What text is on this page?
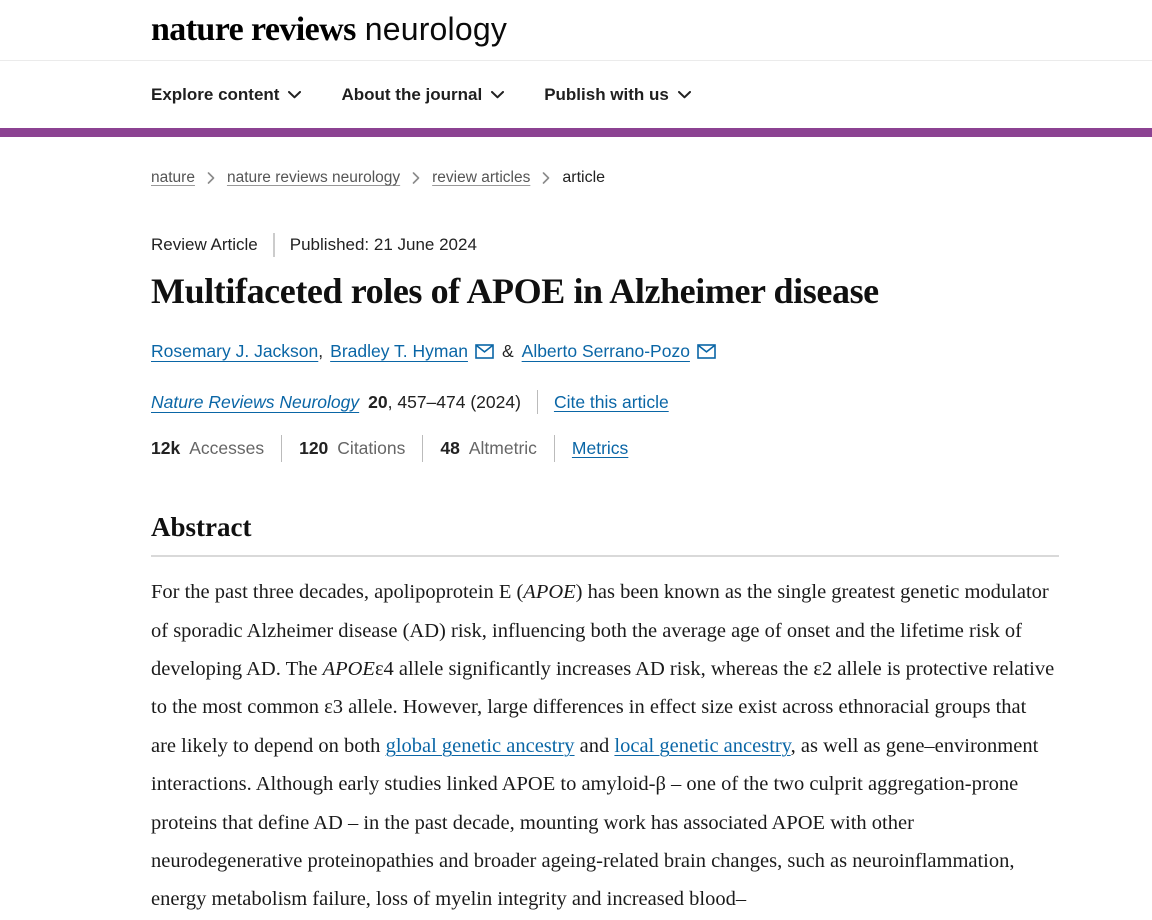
nature reviews neurology
Explore content	About the journal	Publish with us
nature nature reviews neurology review articles article
Review Article Published: 21 June 2024
Multifaceted roles of APOE in Alzheimer disease
Rosemary J. Jackson , Bradley T. Hyman & Alberto Serrano-Pozo
Nature Reviews Neurology 20 , 457–474 (2024) Cite this article
12k Accesses 120 Citations 48 Altmetric Metrics
Abstract

For the past three decades, apolipoprotein E (APOE) has been known as the single greatest genetic modulator of sporadic Alzheimer disease (AD) risk, influencing both the average age of onset and the lifetime risk of developing AD. The APOEε4 allele significantly increases AD risk, whereas the ε2 allele is protective relative to the most common ε3 allele. However, large differences in effect size exist across ethnoracial groups that are likely to depend on both global genetic ancestry and local genetic ancestry, as well as gene–environment interactions. Although early studies linked APOE to amyloid-β – one of the two culprit aggregation-prone proteins that define AD – in the past decade, mounting work has associated APOE with other neurodegenerative proteinopathies and broader ageing-related brain changes, such as neuroinflammation, energy metabolism failure, loss of myelin integrity and increased blood–
